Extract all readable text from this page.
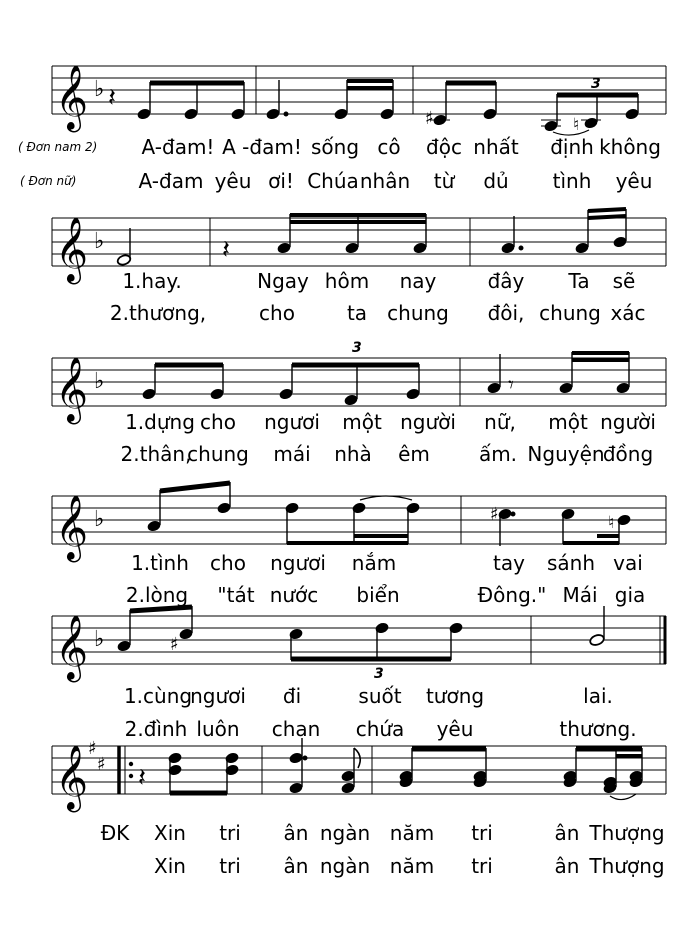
𝄞 ♭ 𝄽
♯	♮
3
( Đơn nam 2) A-đam! A -đam! sống cô độc nhất định không
( Đơn nữ)	A-đam yêu ơi! Chúa nhân từ dủ tình yêu
𝄞 ♭	𝄽
1.hay.	Ngay hôm nay	đây Ta sẽ
2.thương,	cho	ta chung đôi, chung xác
𝄞 ♭
3
𝄾
1.dựng cho ngươi một người nữ, một người
2.thân,
chung mái nhà êm ấm. Nguyện
đồng
𝄞 ♭	♯	♮
1.tình cho ngươi nắm	tay sánh vai
2.lòng "tát nước biển	Đông." Mái gia
𝄞 ♭	♯
3
1.cùng
ngươi đi	suốt tương	lai.
2.đình luôn chan chứa yêu	thương.
𝄞 ♯
♯ 𝄽
ĐK Xin tri ân ngàn năm tri	ân Thượng
Xin tri ân ngàn năm tri	ân Thượng
